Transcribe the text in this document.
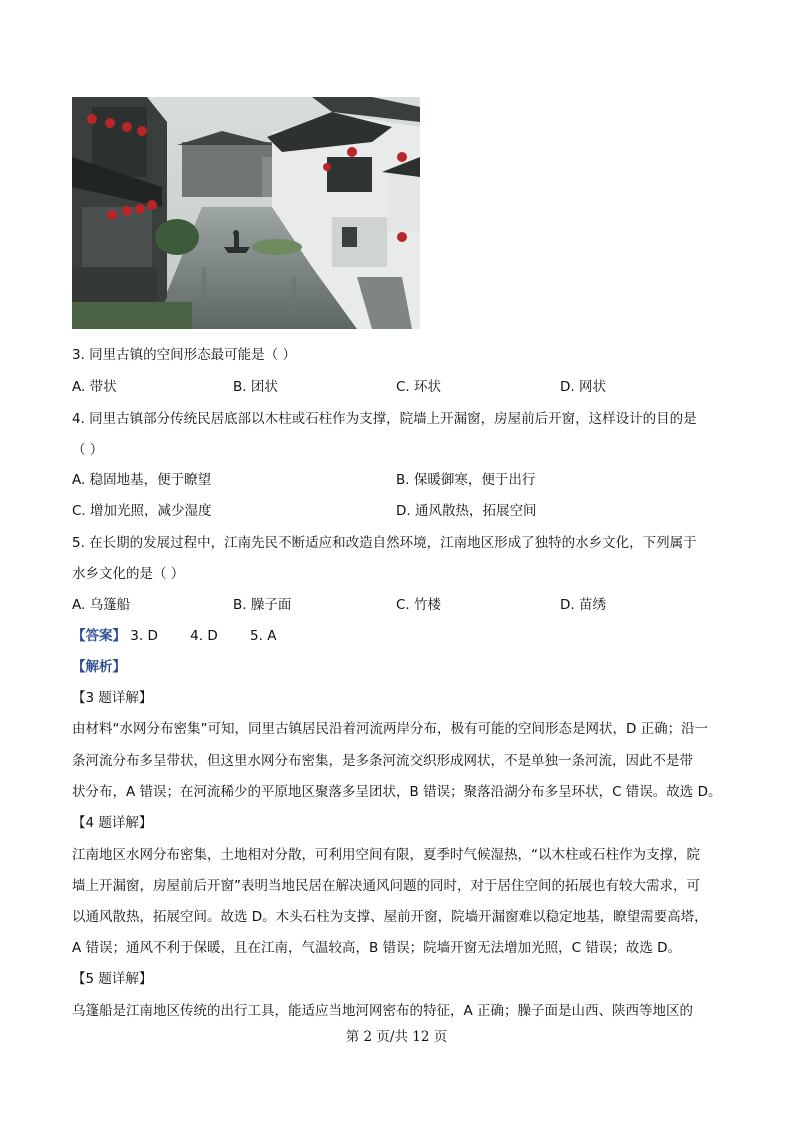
3. 同里古镇的空间形态最可能是（ ）
A. 带状	B. 团状	C. 环状	D. 网状
4. 同里古镇部分传统民居底部以木柱或石柱作为支撑，院墙上开漏窗，房屋前后开窗，这样设计的目的是
（ ）
A. 稳固地基，便于瞭望	B. 保暖御寒，便于出行
C. 增加光照，减少湿度	D. 通风散热，拓展空间
5. 在长期的发展过程中，江南先民不断适应和改造自然环境，江南地区形成了独特的水乡文化，下列属于
水乡文化的是（ ）
A. 乌篷船	B. 臊子面	C. 竹楼	D. 苗绣
【答案】 3. D 4. D 5. A
【解析】
【3 题详解】
由材料“水网分布密集”可知，同里古镇居民沿着河流两岸分布，极有可能的空间形态是网状，D 正确；沿一
条河流分布多呈带状，但这里水网分布密集，是多条河流交织形成网状，不是单独一条河流，因此不是带
状分布，A 错误；在河流稀少的平原地区聚落多呈团状，B 错误；聚落沿湖分布多呈环状，C 错误。故选 D。
【4 题详解】
江南地区水网分布密集，土地相对分散，可利用空间有限，夏季时气候湿热，“以木柱或石柱作为支撑，院
墙上开漏窗，房屋前后开窗”表明当地民居在解决通风问题的同时，对于居住空间的拓展也有较大需求，可
以通风散热，拓展空间。故选 D。木头石柱为支撑、屋前开窗，院墙开漏窗难以稳定地基，瞭望需要高塔，
A 错误；通风不利于保暖，且在江南，气温较高，B 错误；院墙开窗无法增加光照，C 错误；故选 D。
【5 题详解】
乌篷船是江南地区传统的出行工具，能适应当地河网密布的特征，A 正确；臊子面是山西、陕西等地区的
第 2 页/共 12 页
